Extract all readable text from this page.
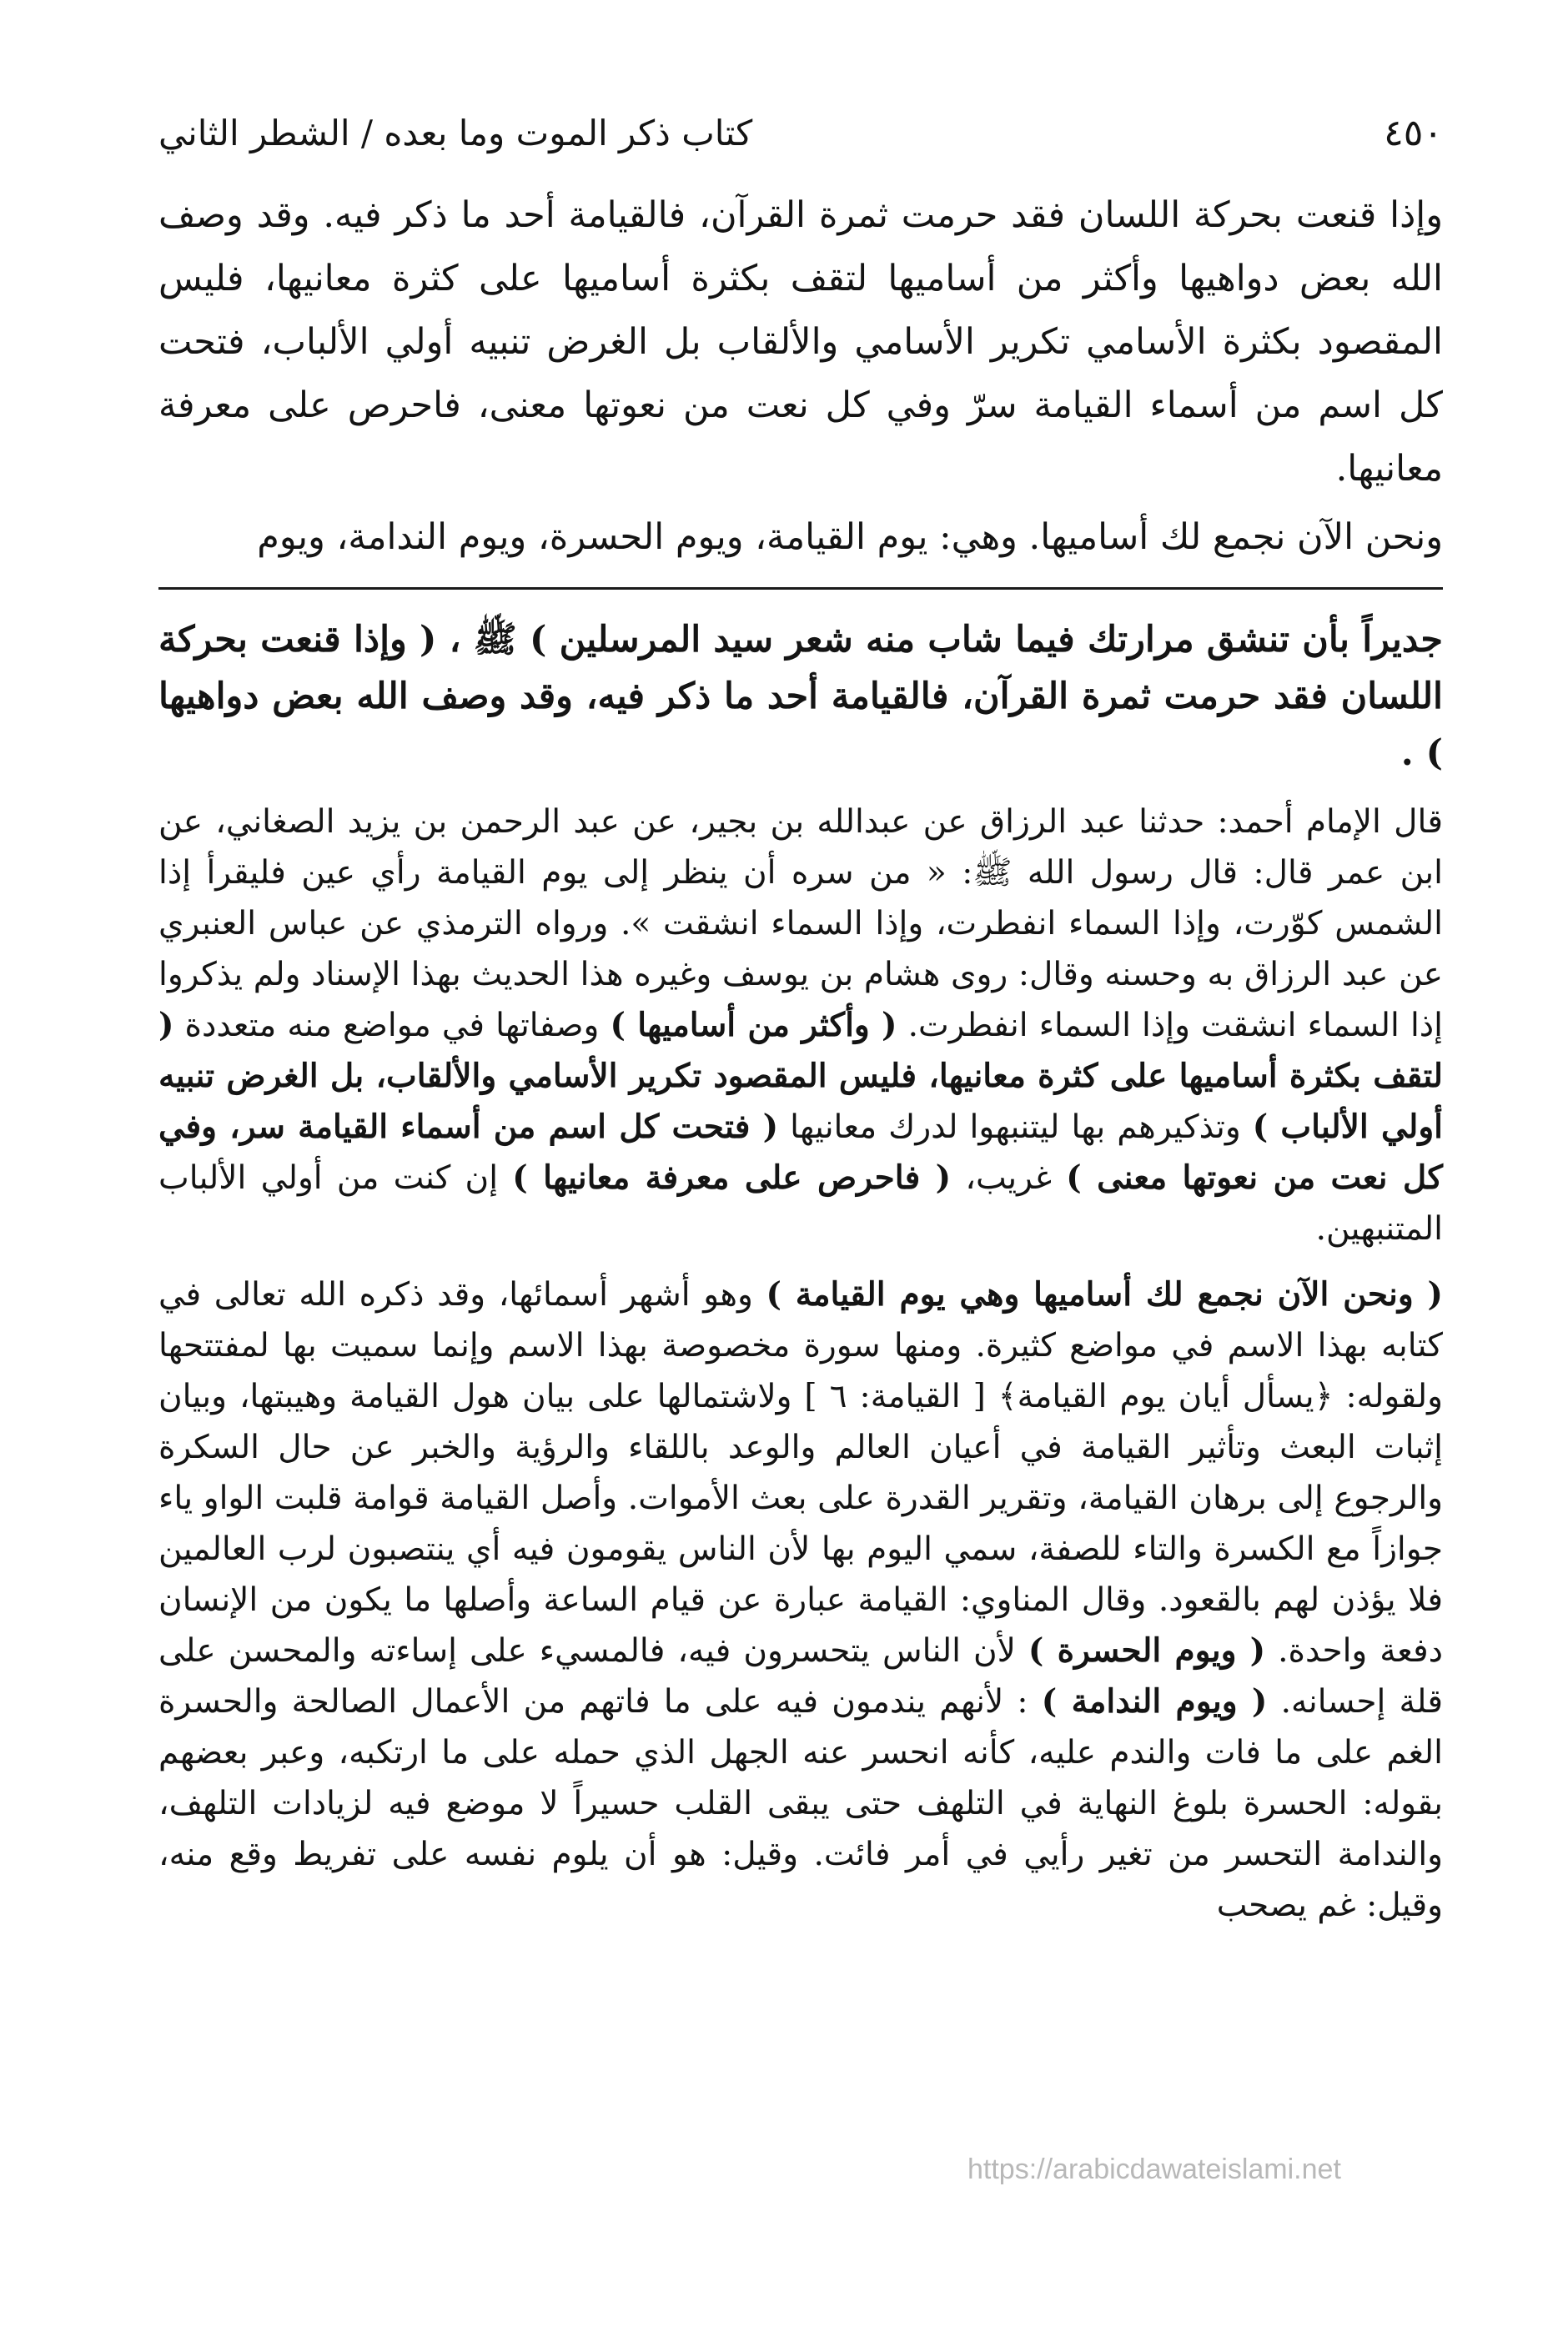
٤٥٠
كتاب ذكر الموت وما بعده / الشطر الثاني

وإذا قنعت بحركة اللسان فقد حرمت ثمرة القرآن، فالقيامة أحد ما ذكر فيه. وقد وصف الله بعض دواهيها وأكثر من أساميها لتقف بكثرة أساميها على كثرة معانيها، فليس المقصود بكثرة الأسامي تكرير الأسامي والألقاب بل الغرض تنبيه أولي الألباب، فتحت كل اسم من أسماء القيامة سرّ وفي كل نعت من نعوتها معنى، فاحرص على معرفة معانيها.

ونحن الآن نجمع لك أساميها. وهي: يوم القيامة، ويوم الحسرة، ويوم الندامة، ويوم

جديراً بأن تنشق مرارتك فيما شاب منه شعر سيد المرسلين ) ﷺ ، ( وإذا قنعت بحركة اللسان فقد حرمت ثمرة القرآن، فالقيامة أحد ما ذكر فيه، وقد وصف الله بعض دواهيها ) .

قال الإمام أحمد: حدثنا عبد الرزاق عن عبدالله بن بجير، عن عبد الرحمن بن يزيد الصغاني، عن ابن عمر قال: قال رسول الله ﷺ: « من سره أن ينظر إلى يوم القيامة رأي عين فليقرأ إذا الشمس كوّرت، وإذا السماء انفطرت، وإذا السماء انشقت ». ورواه الترمذي عن عباس العنبري عن عبد الرزاق به وحسنه وقال: روى هشام بن يوسف وغيره هذا الحديث بهذا الإسناد ولم يذكروا إذا السماء انشقت وإذا السماء انفطرت. ( وأكثر من أساميها ) وصفاتها في مواضع منه متعددة ( لتقف بكثرة أساميها على كثرة معانيها، فليس المقصود تكرير الأسامي والألقاب، بل الغرض تنبيه أولي الألباب ) وتذكيرهم بها ليتنبهوا لدرك معانيها ( فتحت كل اسم من أسماء القيامة سر، وفي كل نعت من نعوتها معنى ) غريب، ( فاحرص على معرفة معانيها ) إن كنت من أولي الألباب المتنبهين.

( ونحن الآن نجمع لك أساميها وهي يوم القيامة ) وهو أشهر أسمائها، وقد ذكره الله تعالى في كتابه بهذا الاسم في مواضع كثيرة. ومنها سورة مخصوصة بهذا الاسم وإنما سميت بها لمفتتحها ولقوله: ﴿يسأل أيان يوم القيامة﴾ [ القيامة: ٦ ] ولاشتمالها على بيان هول القيامة وهيبتها، وبيان إثبات البعث وتأثير القيامة في أعيان العالم والوعد باللقاء والرؤية والخبر عن حال السكرة والرجوع إلى برهان القيامة، وتقرير القدرة على بعث الأموات. وأصل القيامة قوامة قلبت الواو ياء جوازاً مع الكسرة والتاء للصفة، سمي اليوم بها لأن الناس يقومون فيه أي ينتصبون لرب العالمين فلا يؤذن لهم بالقعود. وقال المناوي: القيامة عبارة عن قيام الساعة وأصلها ما يكون من الإنسان دفعة واحدة. ( ويوم الحسرة ) لأن الناس يتحسرون فيه، فالمسيء على إساءته والمحسن على قلة إحسانه. ( ويوم الندامة ) : لأنهم يندمون فيه على ما فاتهم من الأعمال الصالحة والحسرة الغم على ما فات والندم عليه، كأنه انحسر عنه الجهل الذي حمله على ما ارتكبه، وعبر بعضهم بقوله: الحسرة بلوغ النهاية في التلهف حتى يبقى القلب حسيراً لا موضع فيه لزيادات التلهف، والندامة التحسر من تغير رأيي في أمر فائت. وقيل: هو أن يلوم نفسه على تفريط وقع منه، وقيل: غم يصحب

https://arabicdawateislami.net
